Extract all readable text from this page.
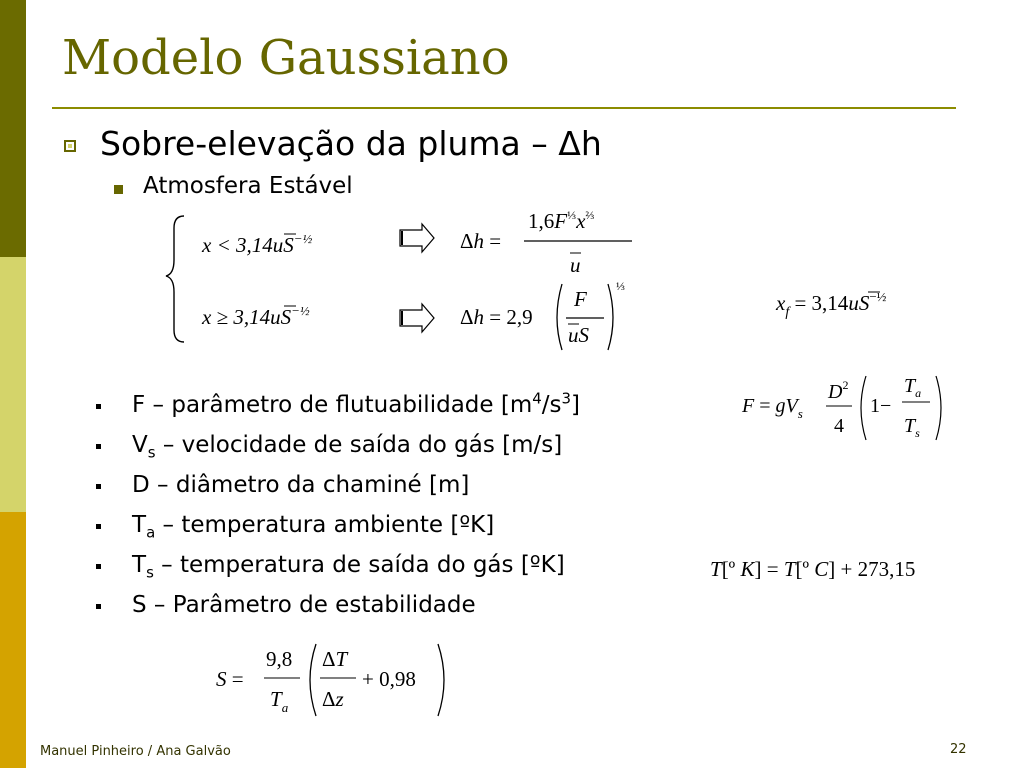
Modelo Gaussiano
Sobre-elevação da pluma – Δh
Atmosfera Estável
$x < 3,14uS^{-\frac{1}{2}}$	Δh =
$1,6F^{\frac{1}{3}}x^{\frac{2}{3}}$
u
$x \ge 3,14uS^{-\frac{1}{2}}$	Δh = 2,9
F
uS
⅓
$x_f = 3,14uS^{-\frac{1}{2}}$
$F = gV_s$
$D^2$
4
1−
$T_a$
$T_s$
F – parâmetro de flutuabilidade $[m^4/s^3]$
$V_s$ – velocidade de saída do gás [m/s]
D – diâmetro da chaminé [m]
$T_a$ – temperatura ambiente [ºK]
$T_s$ – temperatura de saída do gás [ºK]
S – Parâmetro de estabilidade
T[º K] = T[º C] + 273,15
S =
9,8
$T_a$
ΔT
Δz
+ 0,98
Manuel Pinheiro / Ana Galvão	22
